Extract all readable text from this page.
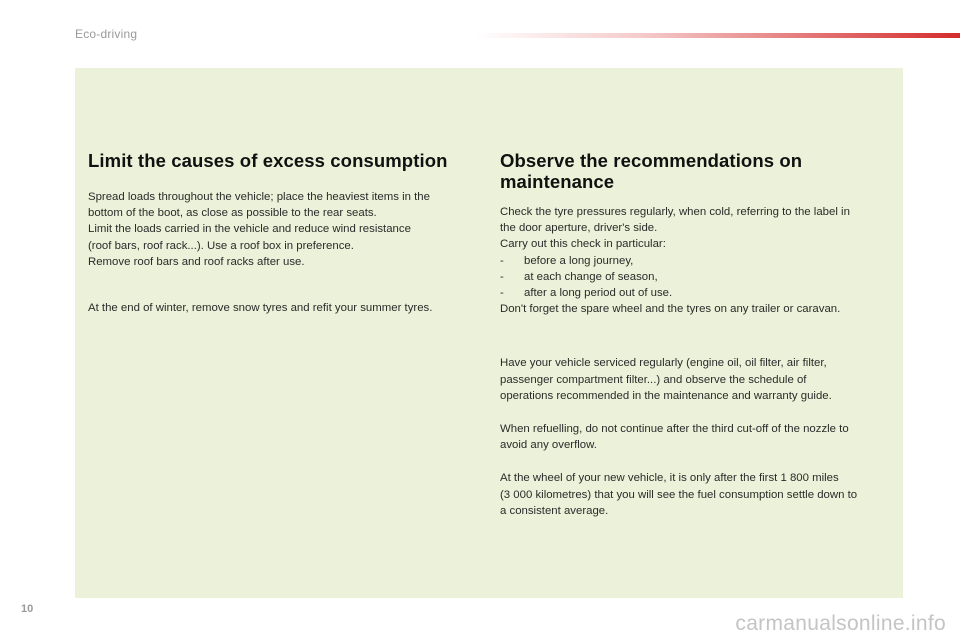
Eco-driving
Limit the causes of excess consumption

Spread loads throughout the vehicle; place the heaviest items in the
bottom of the boot, as close as possible to the rear seats.
Limit the loads carried in the vehicle and reduce wind resistance
(roof bars, roof rack...). Use a roof box in preference.
Remove roof bars and roof racks after use.

At the end of winter, remove snow tyres and refit your summer tyres.

Observe the recommendations on
maintenance

Check the tyre pressures regularly, when cold, referring to the label in
the door aperture, driver's side.
Carry out this check in particular:
- before a long journey,
- at each change of season,
- after a long period out of use.
Don't forget the spare wheel and the tyres on any trailer or caravan.

Have your vehicle serviced regularly (engine oil, oil filter, air filter,
passenger compartment filter...) and observe the schedule of
operations recommended in the maintenance and warranty guide.

When refuelling, do not continue after the third cut-off of the nozzle to
avoid any overflow.

At the wheel of your new vehicle, it is only after the first 1 800 miles
(3 000 kilometres) that you will see the fuel consumption settle down to
a consistent average.

10
carmanualsonline.info
